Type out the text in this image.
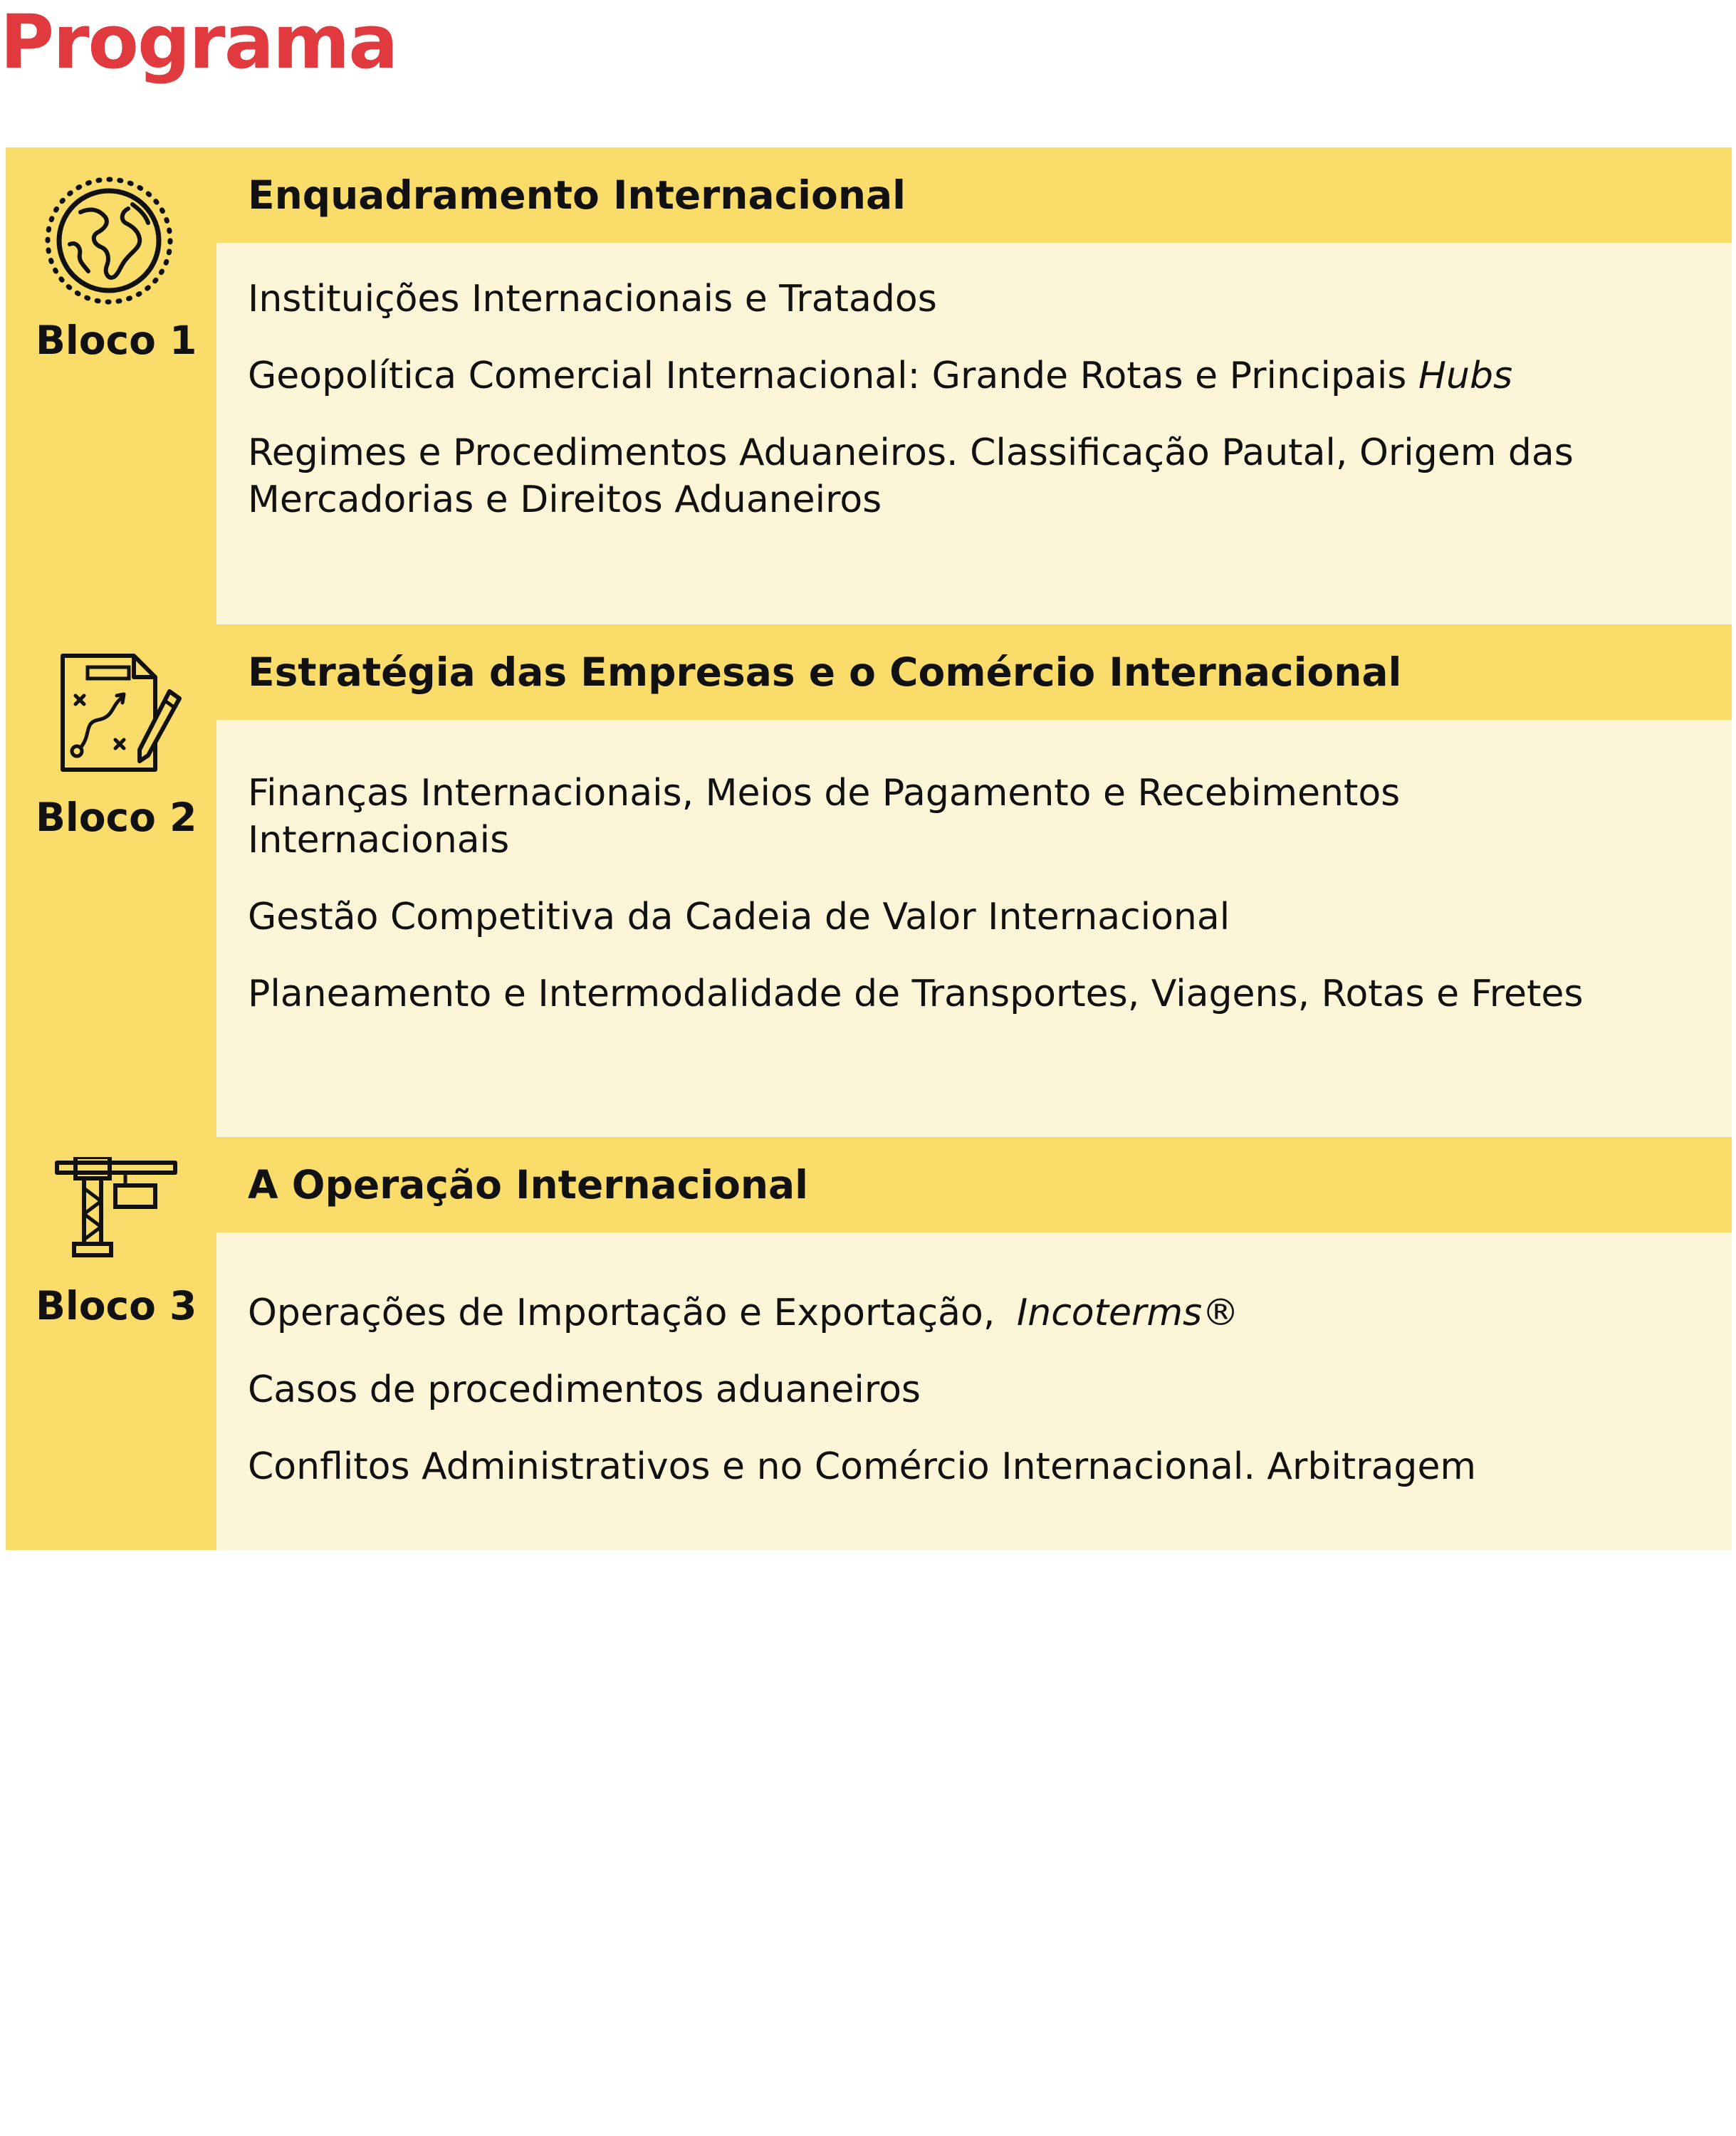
Programa
Bloco 1
Enquadramento Internacional
Instituições Internacionais e Tratados
Geopolítica Comercial Internacional: Grande Rotas e Principais Hubs
Regimes e Procedimentos Aduaneiros. Classificação Pautal, Origem das Mercadorias e Direitos Aduaneiros
Bloco 2
Estratégia das Empresas e o Comércio Internacional
Finanças Internacionais, Meios de Pagamento e Recebimentos Internacionais
Gestão Competitiva da Cadeia de Valor Internacional
Planeamento e Intermodalidade de Transportes, Viagens, Rotas e Fretes
Bloco 3
A Operação Internacional
Operações de Importação e Exportação, Incoterms®
Casos de procedimentos aduaneiros
Conflitos Administrativos e no Comércio Internacional. Arbitragem
